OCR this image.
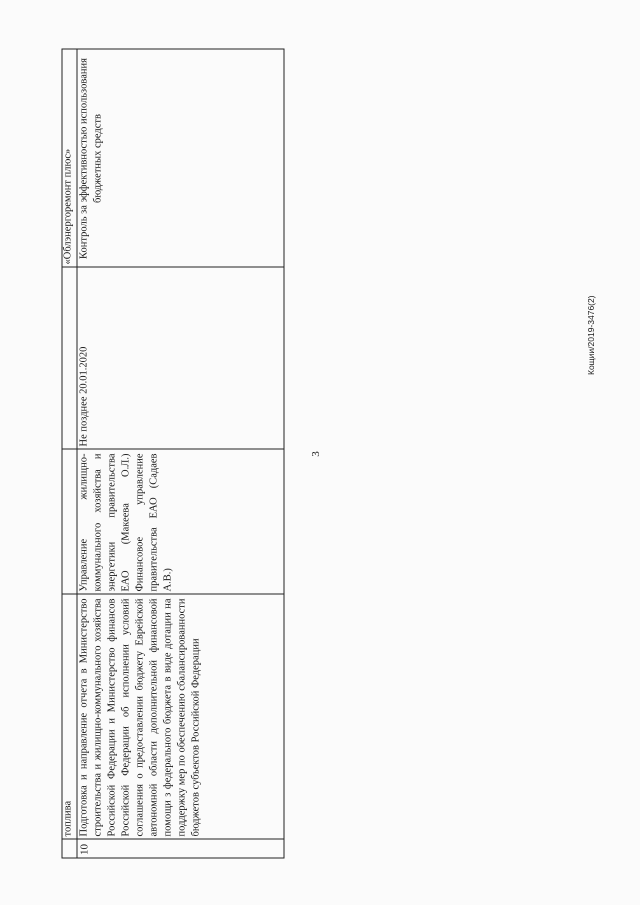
3
Кощии/2019-3476(2)
топлива
«Облэнергоремонт плюс»
10
Подготовка и направление отчета в Министерство строительства и жилищно-коммунального хозяйства Российской Федерации и Министерство финансов Российской Федерации об исполнении условий соглашения о предоставлении бюджету Еврейской автономной области дополнительной финансовой помощи з федерального бюджета в виде дотации на поддержку мер по обеспечению сбалансированности бюджетов субъектов Российской Федерации
Управление жилищно-коммунального хозяйства и энергетики правительства ЕАО (Макеева О.Л.) Финансовое управление правительства ЕАО (Садаев А.В.)
Не позднее 20.01.2020
Контроль за эффективностью использования бюджетных средств
